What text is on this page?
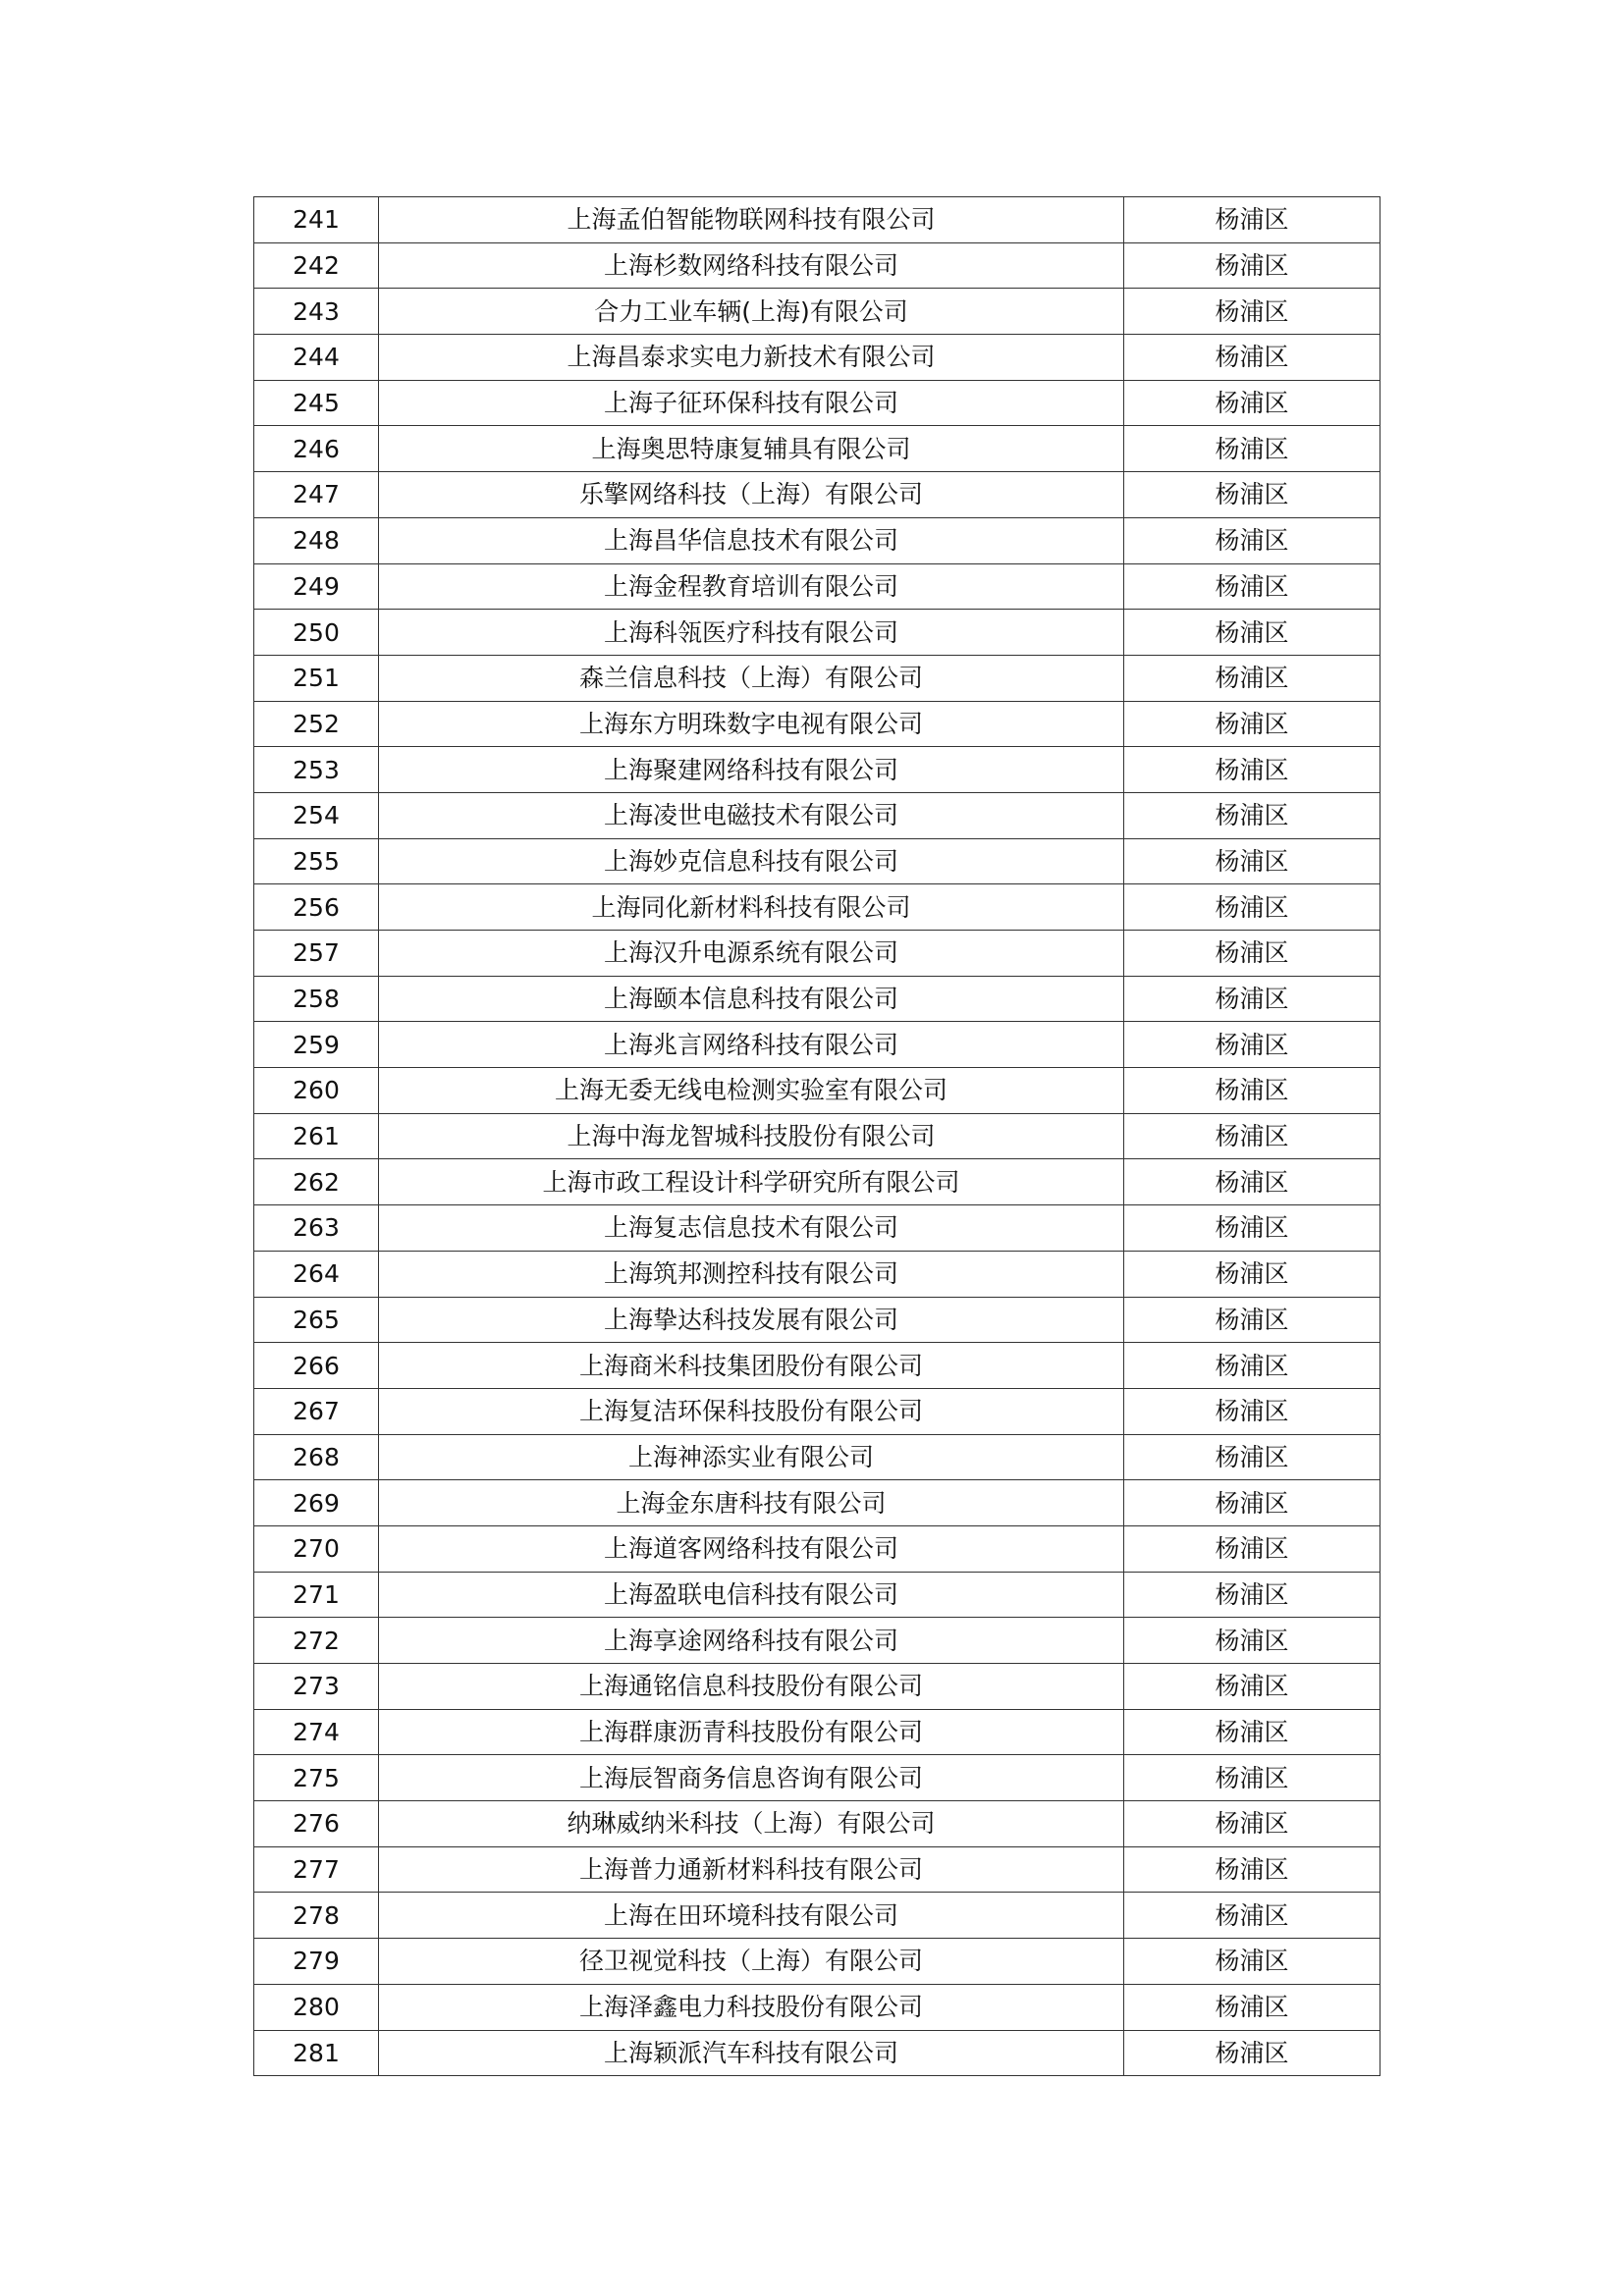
241	上海孟伯智能物联网科技有限公司	杨浦区
242	上海杉数网络科技有限公司	杨浦区
243	合力工业车辆(上海)有限公司	杨浦区
244	上海昌泰求实电力新技术有限公司	杨浦区
245	上海子征环保科技有限公司	杨浦区
246	上海奥思特康复辅具有限公司	杨浦区
247	乐擎网络科技（上海）有限公司	杨浦区
248	上海昌华信息技术有限公司	杨浦区
249	上海金程教育培训有限公司	杨浦区
250	上海科瓴医疗科技有限公司	杨浦区
251	森兰信息科技（上海）有限公司	杨浦区
252	上海东方明珠数字电视有限公司	杨浦区
253	上海聚建网络科技有限公司	杨浦区
254	上海凌世电磁技术有限公司	杨浦区
255	上海妙克信息科技有限公司	杨浦区
256	上海同化新材料科技有限公司	杨浦区
257	上海汉升电源系统有限公司	杨浦区
258	上海颐本信息科技有限公司	杨浦区
259	上海兆言网络科技有限公司	杨浦区
260	上海无委无线电检测实验室有限公司	杨浦区
261	上海中海龙智城科技股份有限公司	杨浦区
262	上海市政工程设计科学研究所有限公司	杨浦区
263	上海复志信息技术有限公司	杨浦区
264	上海筑邦测控科技有限公司	杨浦区
265	上海挚达科技发展有限公司	杨浦区
266	上海商米科技集团股份有限公司	杨浦区
267	上海复洁环保科技股份有限公司	杨浦区
268	上海神添实业有限公司	杨浦区
269	上海金东唐科技有限公司	杨浦区
270	上海道客网络科技有限公司	杨浦区
271	上海盈联电信科技有限公司	杨浦区
272	上海享途网络科技有限公司	杨浦区
273	上海通铭信息科技股份有限公司	杨浦区
274	上海群康沥青科技股份有限公司	杨浦区
275	上海辰智商务信息咨询有限公司	杨浦区
276	纳琳威纳米科技（上海）有限公司	杨浦区
277	上海普力通新材料科技有限公司	杨浦区
278	上海在田环境科技有限公司	杨浦区
279	径卫视觉科技（上海）有限公司	杨浦区
280	上海泽鑫电力科技股份有限公司	杨浦区
281	上海颖派汽车科技有限公司	杨浦区
